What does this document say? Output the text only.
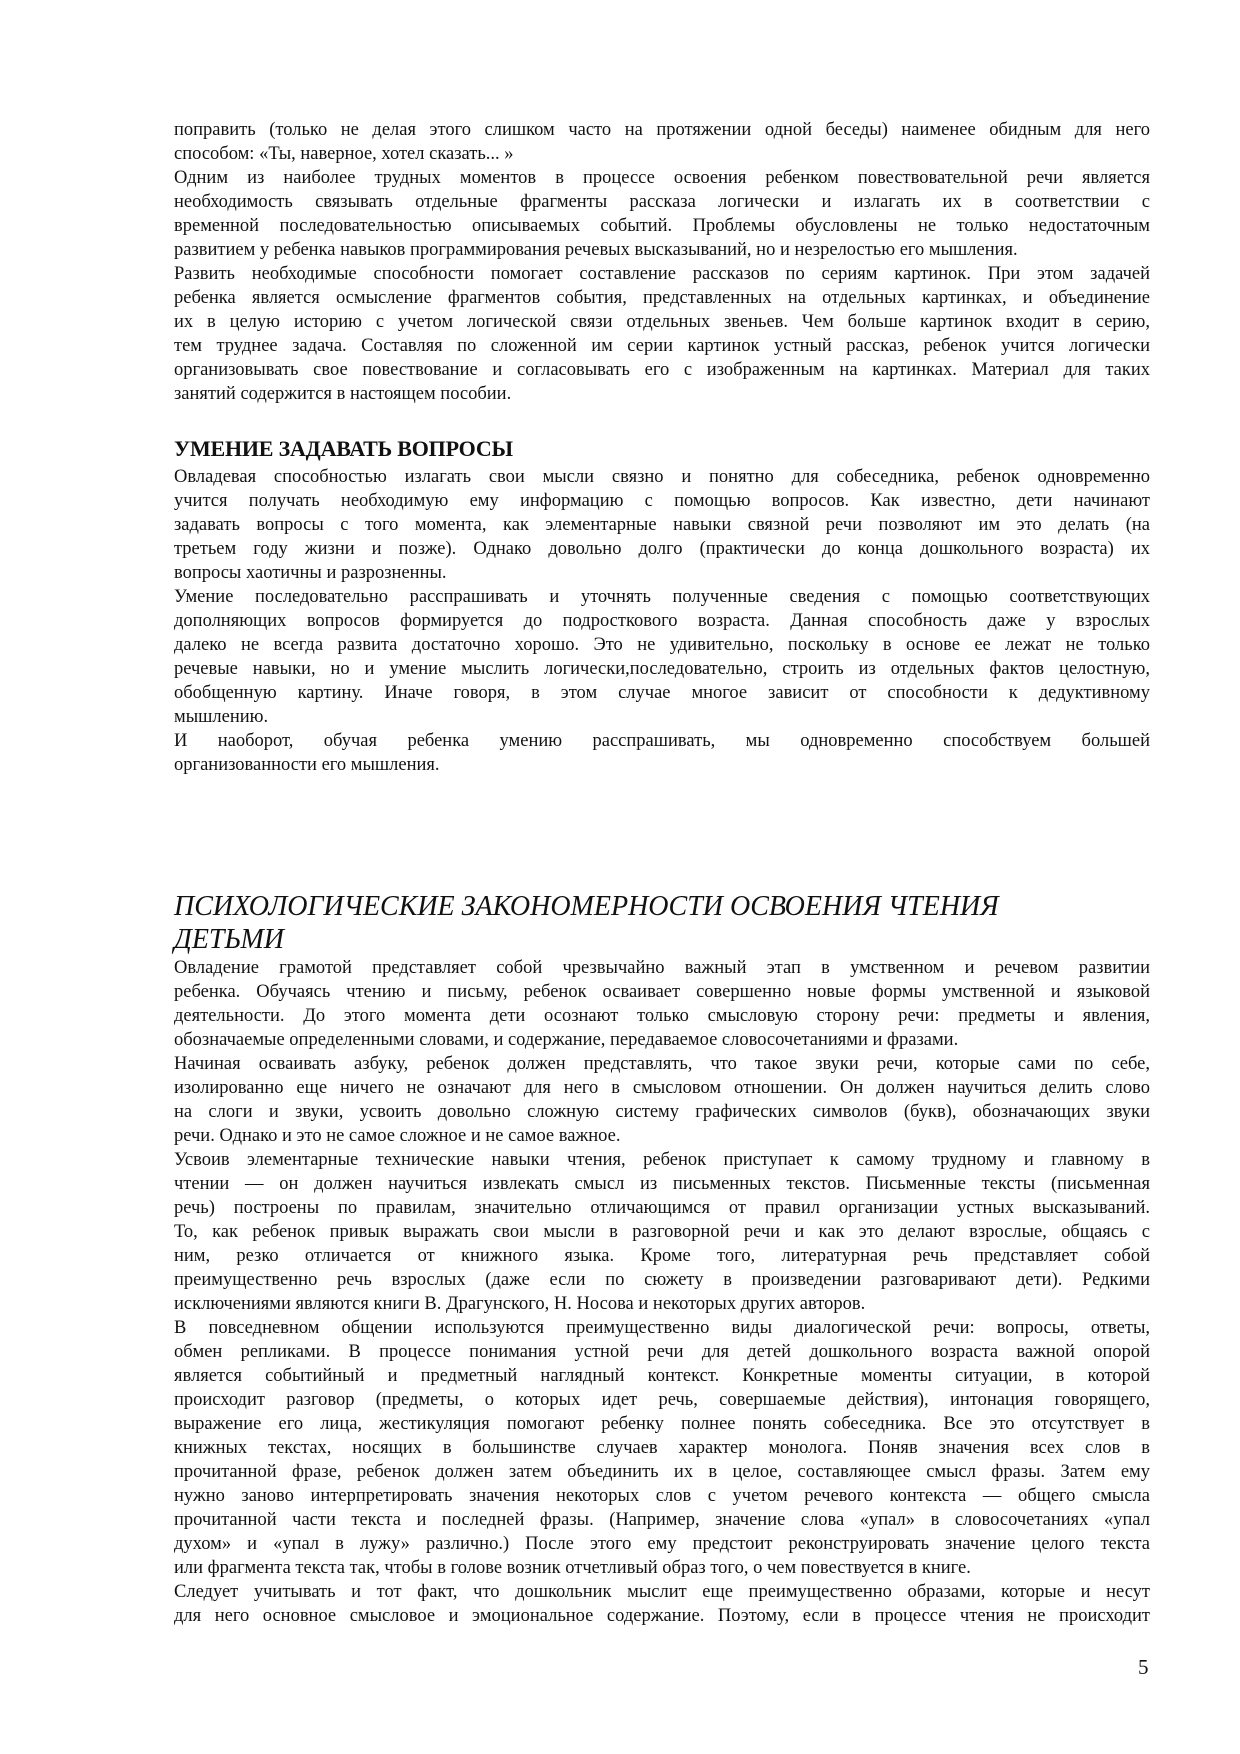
поправить (только не делая этого слишком часто на протяжении одной беседы) наименее обидным для него
способом: «Ты, наверное, хотел сказать... »
Одним из наиболее трудных моментов в процессе освоения ребенком повествовательной речи является
необходимость связывать отдельные фрагменты рассказа логически и излагать их в соответствии с
временной последовательностью описываемых событий. Проблемы обусловлены не только недостаточным
развитием у ребенка навыков программирования речевых высказываний, но и незрелостью его мышления.
Развить необходимые способности помогает составление рассказов по сериям картинок. При этом задачей
ребенка является осмысление фрагментов события, представленных на отдельных картинках, и объединение
их в целую историю с учетом логической связи отдельных звеньев. Чем больше картинок входит в серию,
тем труднее задача. Составляя по сложенной им серии картинок устный рассказ, ребенок учится логически
организовывать свое повествование и согласовывать его с изображенным на картинках. Материал для таких
занятий содержится в настоящем пособии.
УМЕНИЕ ЗАДАВАТЬ ВОПРОСЫ
Овладевая способностью излагать свои мысли связно и понятно для собеседника, ребенок одновременно
учится получать необходимую ему информацию с помощью вопросов. Как известно, дети начинают
задавать вопросы с того момента, как элементарные навыки связной речи позволяют им это делать (на
третьем году жизни и позже). Однако довольно долго (практически до конца дошкольного возраста) их
вопросы хаотичны и разрозненны.
Умение последовательно расспрашивать и уточнять полученные сведения с помощью соответствующих
дополняющих вопросов формируется до подросткового возраста. Данная способность даже у взрослых
далеко не всегда развита достаточно хорошо. Это не удивительно, поскольку в основе ее лежат не только
речевые навыки, но и умение мыслить логически,последовательно, строить из отдельных фактов целостную,
обобщенную картину. Иначе говоря, в этом случае многое зависит от способности к дедуктивному
мышлению.
И наоборот, обучая ребенка умению расспрашивать, мы одновременно способствуем большей
организованности его мышления.
ПСИХОЛОГИЧЕСКИЕ ЗАКОНОМЕРНОСТИ ОСВОЕНИЯ ЧТЕНИЯ
ДЕТЬМИ
Овладение грамотой представляет собой чрезвычайно важный этап в умственном и речевом развитии
ребенка. Обучаясь чтению и письму, ребенок осваивает совершенно новые формы умственной и языковой
деятельности. До этого момента дети осознают только смысловую сторону речи: предметы и явления,
обозначаемые определенными словами, и содержание, передаваемое словосочетаниями и фразами.
Начиная осваивать азбуку, ребенок должен представлять, что такое звуки речи, которые сами по себе,
изолированно еще ничего не означают для него в смысловом отношении. Он должен научиться делить слово
на слоги и звуки, усвоить довольно сложную систему графических символов (букв), обозначающих звуки
речи. Однако и это не самое сложное и не самое важное.
Усвоив элементарные технические навыки чтения, ребенок приступает к самому трудному и главному в
чтении — он должен научиться извлекать смысл из письменных текстов. Письменные тексты (письменная
речь) построены по правилам, значительно отличающимся от правил организации устных высказываний.
То, как ребенок привык выражать свои мысли в разговорной речи и как это делают взрослые, общаясь с
ним, резко отличается от книжного языка. Кроме того, литературная речь представляет собой
преимущественно речь взрослых (даже если по сюжету в произведении разговаривают дети). Редкими
исключениями являются книги В. Драгунского, Н. Носова и некоторых других авторов.
В повседневном общении используются преимущественно виды диалогической речи: вопросы, ответы,
обмен репликами. В процессе понимания устной речи для детей дошкольного возраста важной опорой
является событийный и предметный наглядный контекст. Конкретные моменты ситуации, в которой
происходит разговор (предметы, о которых идет речь, совершаемые действия), интонация говорящего,
выражение его лица, жестикуляция помогают ребенку полнее понять собеседника. Все это отсутствует в
книжных текстах, носящих в большинстве случаев характер монолога. Поняв значения всех слов в
прочитанной фразе, ребенок должен затем объединить их в целое, составляющее смысл фразы. Затем ему
нужно заново интерпретировать значения некоторых слов с учетом речевого контекста — общего смысла
прочитанной части текста и последней фразы. (Например, значение слова «упал» в словосочетаниях «упал
духом» и «упал в лужу» различно.) После этого ему предстоит реконструировать значение целого текста
или фрагмента текста так, чтобы в голове возник отчетливый образ того, о чем повествуется в книге.
Следует учитывать и тот факт, что дошкольник мыслит еще преимущественно образами, которые и несут
для него основное смысловое и эмоциональное содержание. Поэтому, если в процессе чтения не происходит
5
